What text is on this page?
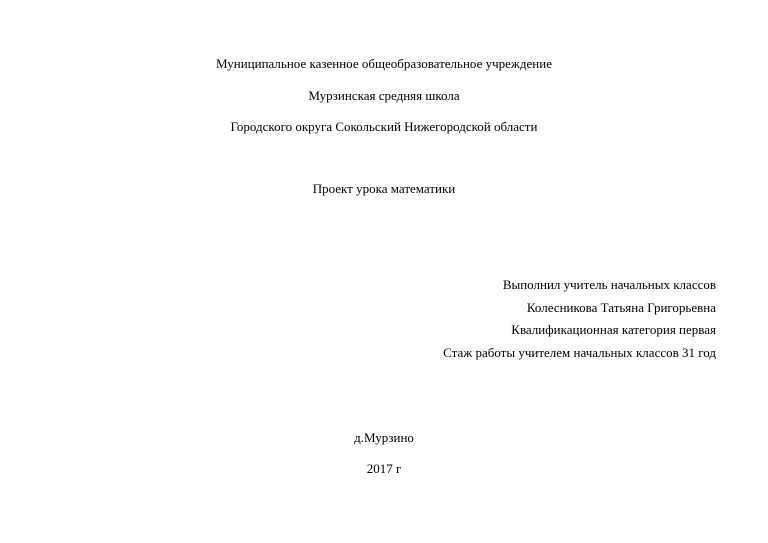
Муниципальное казенное общеобразовательное учреждение
Мурзинская средняя школа
Городского округа Сокольский Нижегородской области
Проект урока математики
Выполнил учитель начальных классов
Колесникова Татьяна Григорьевна
Квалификационная категория первая
Стаж работы учителем начальных классов 31 год
д.Мурзино
2017 г
